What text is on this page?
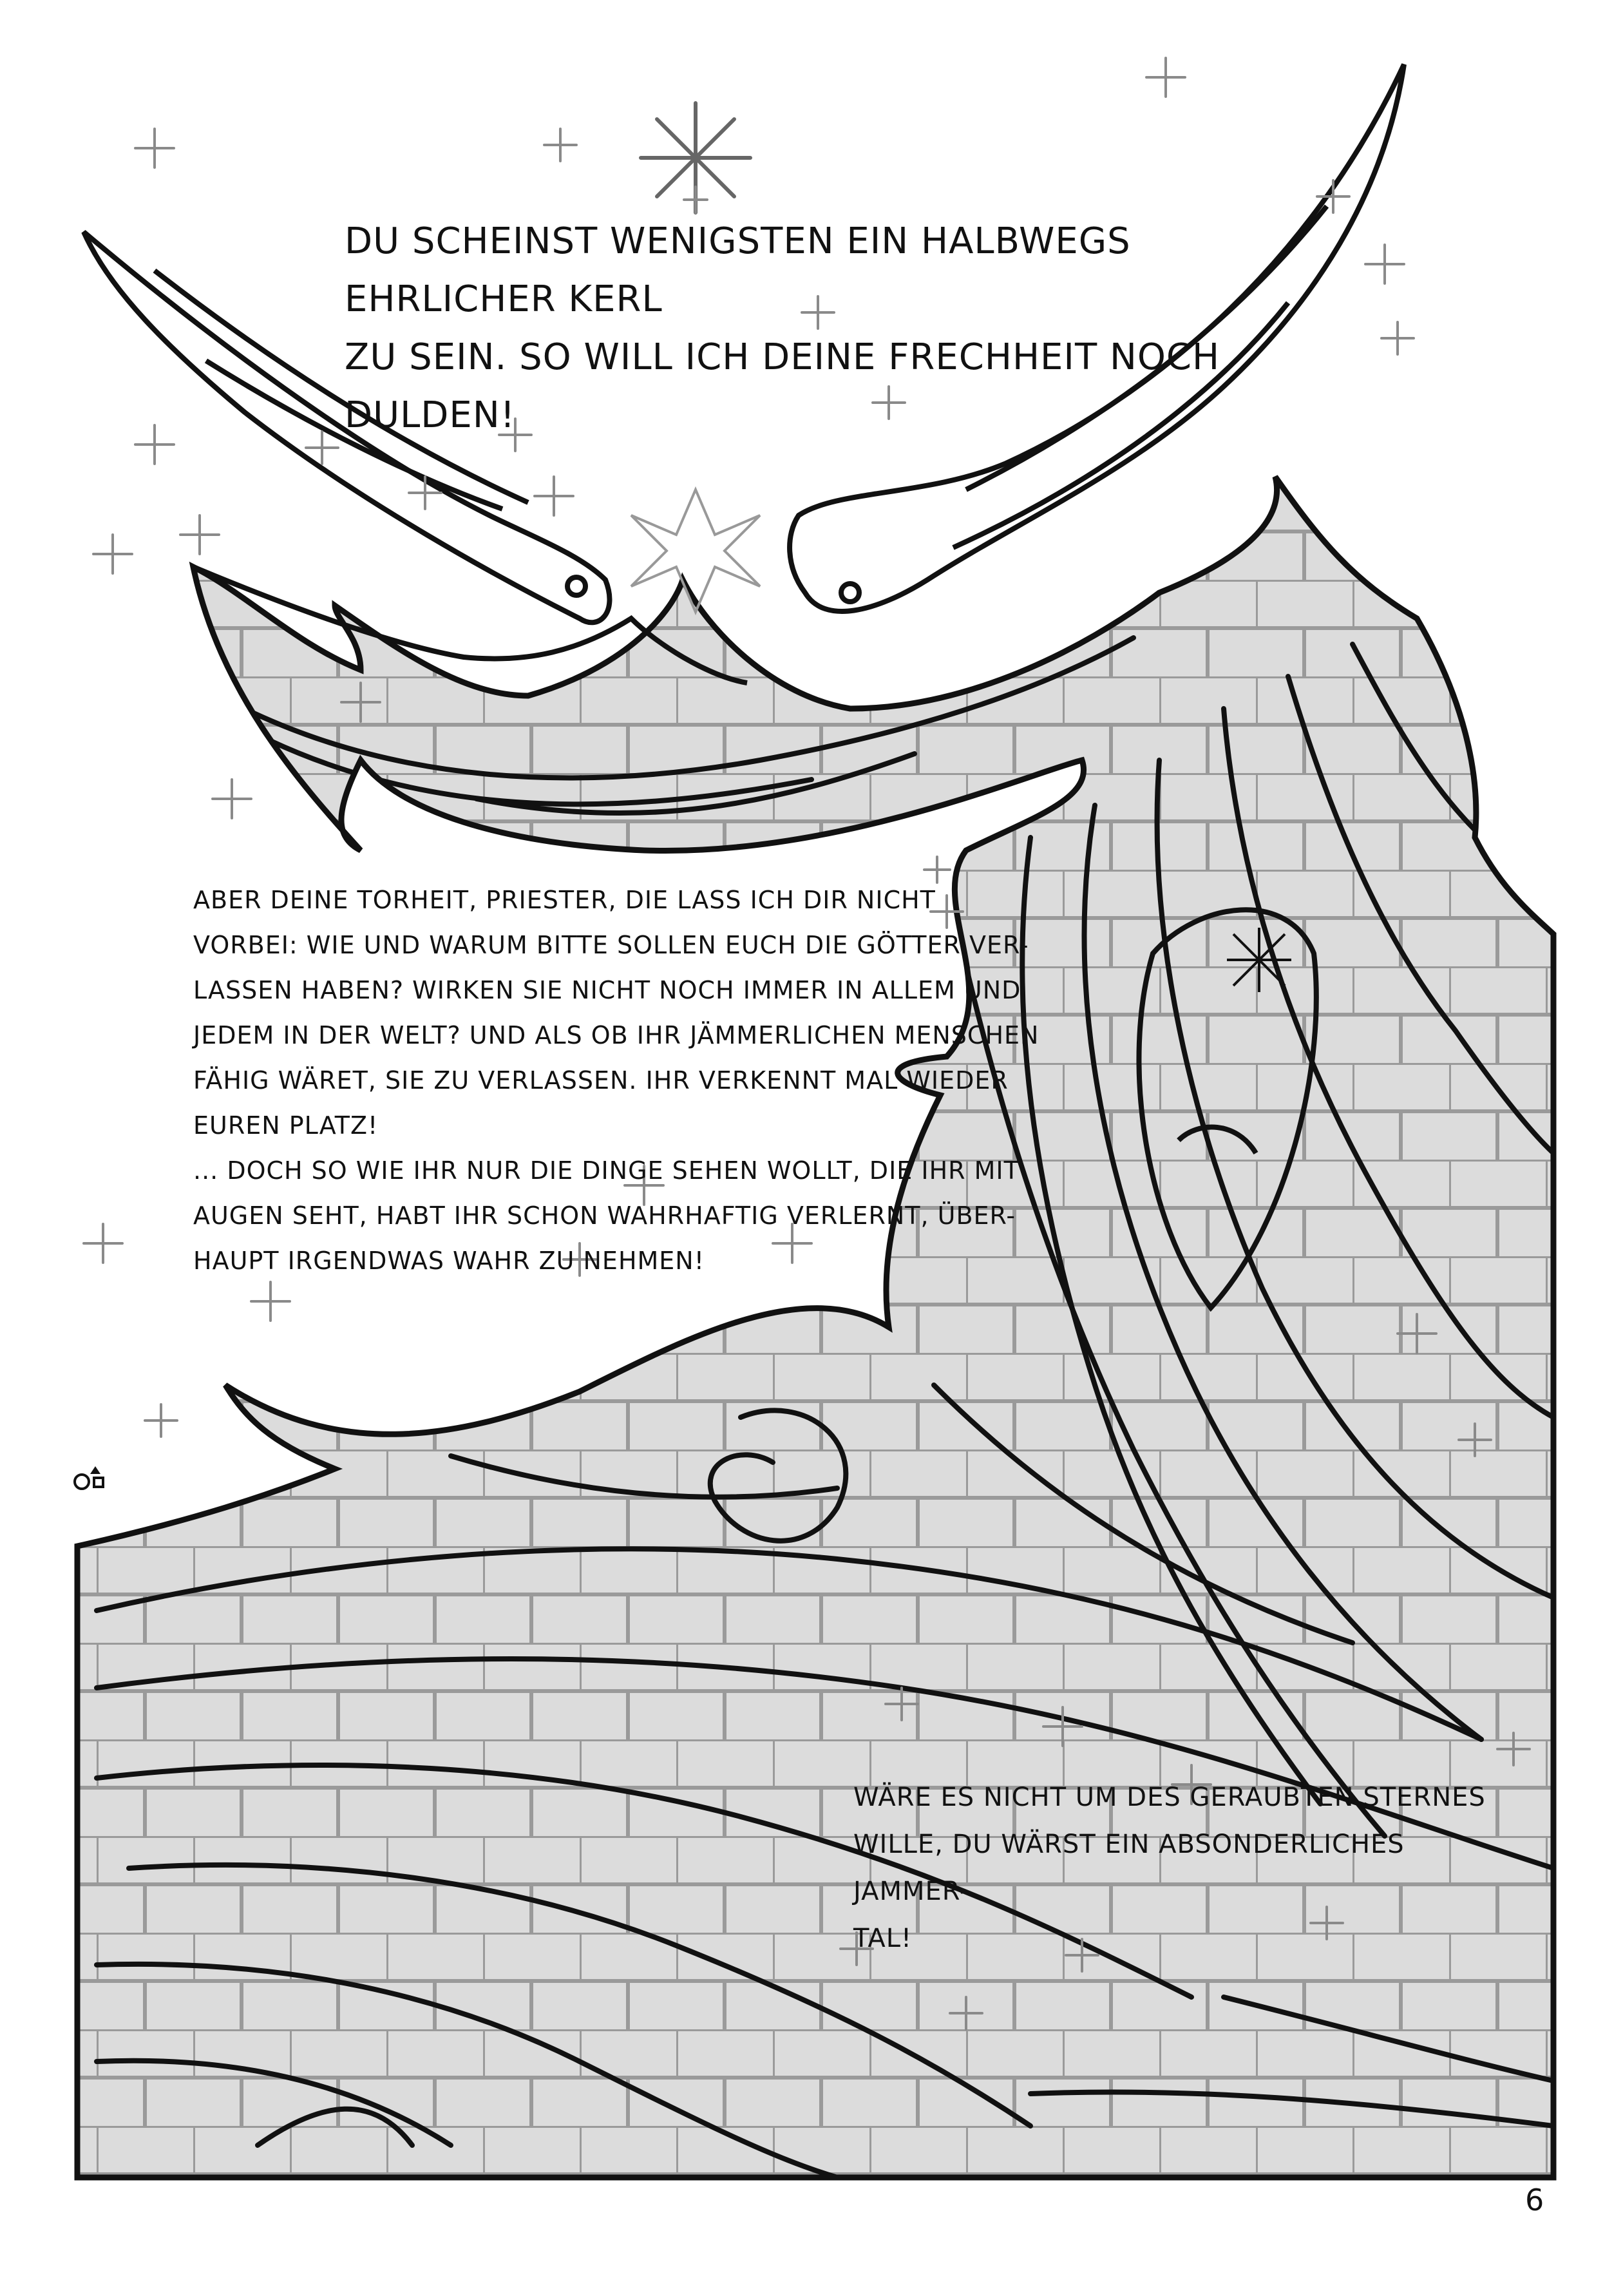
DU SCHEINST WENIGSTEN EIN HALBWEGS EHRLICHER KERL
ZU SEIN. SO WILL ICH DEINE FRECHHEIT NOCH DULDEN!

ABER DEINE TORHEIT, PRIESTER, DIE LASS ICH DIR NICHT
VORBEI: WIE UND WARUM BITTE SOLLEN EUCH DIE GÖTTER VER-
LASSEN HABEN? WIRKEN SIE NICHT NOCH IMMER IN ALLEM UND
JEDEM IN DER WELT? UND ALS OB IHR JÄMMERLICHEN MENSCHEN
FÄHIG WÄRET, SIE ZU VERLASSEN. IHR VERKENNT MAL WIEDER
EUREN PLATZ!
... DOCH SO WIE IHR NUR DIE DINGE SEHEN WOLLT, DIE IHR MIT
AUGEN SEHT, HABT IHR SCHON WAHRHAFTIG VERLERNT, ÜBER-
HAUPT IRGENDWAS WAHR ZU NEHMEN!

WÄRE ES NICHT UM DES GERAUBTEN STERNES
WILLE, DU WÄRST EIN ABSONDERLICHES JAMMER-
TAL!

6
